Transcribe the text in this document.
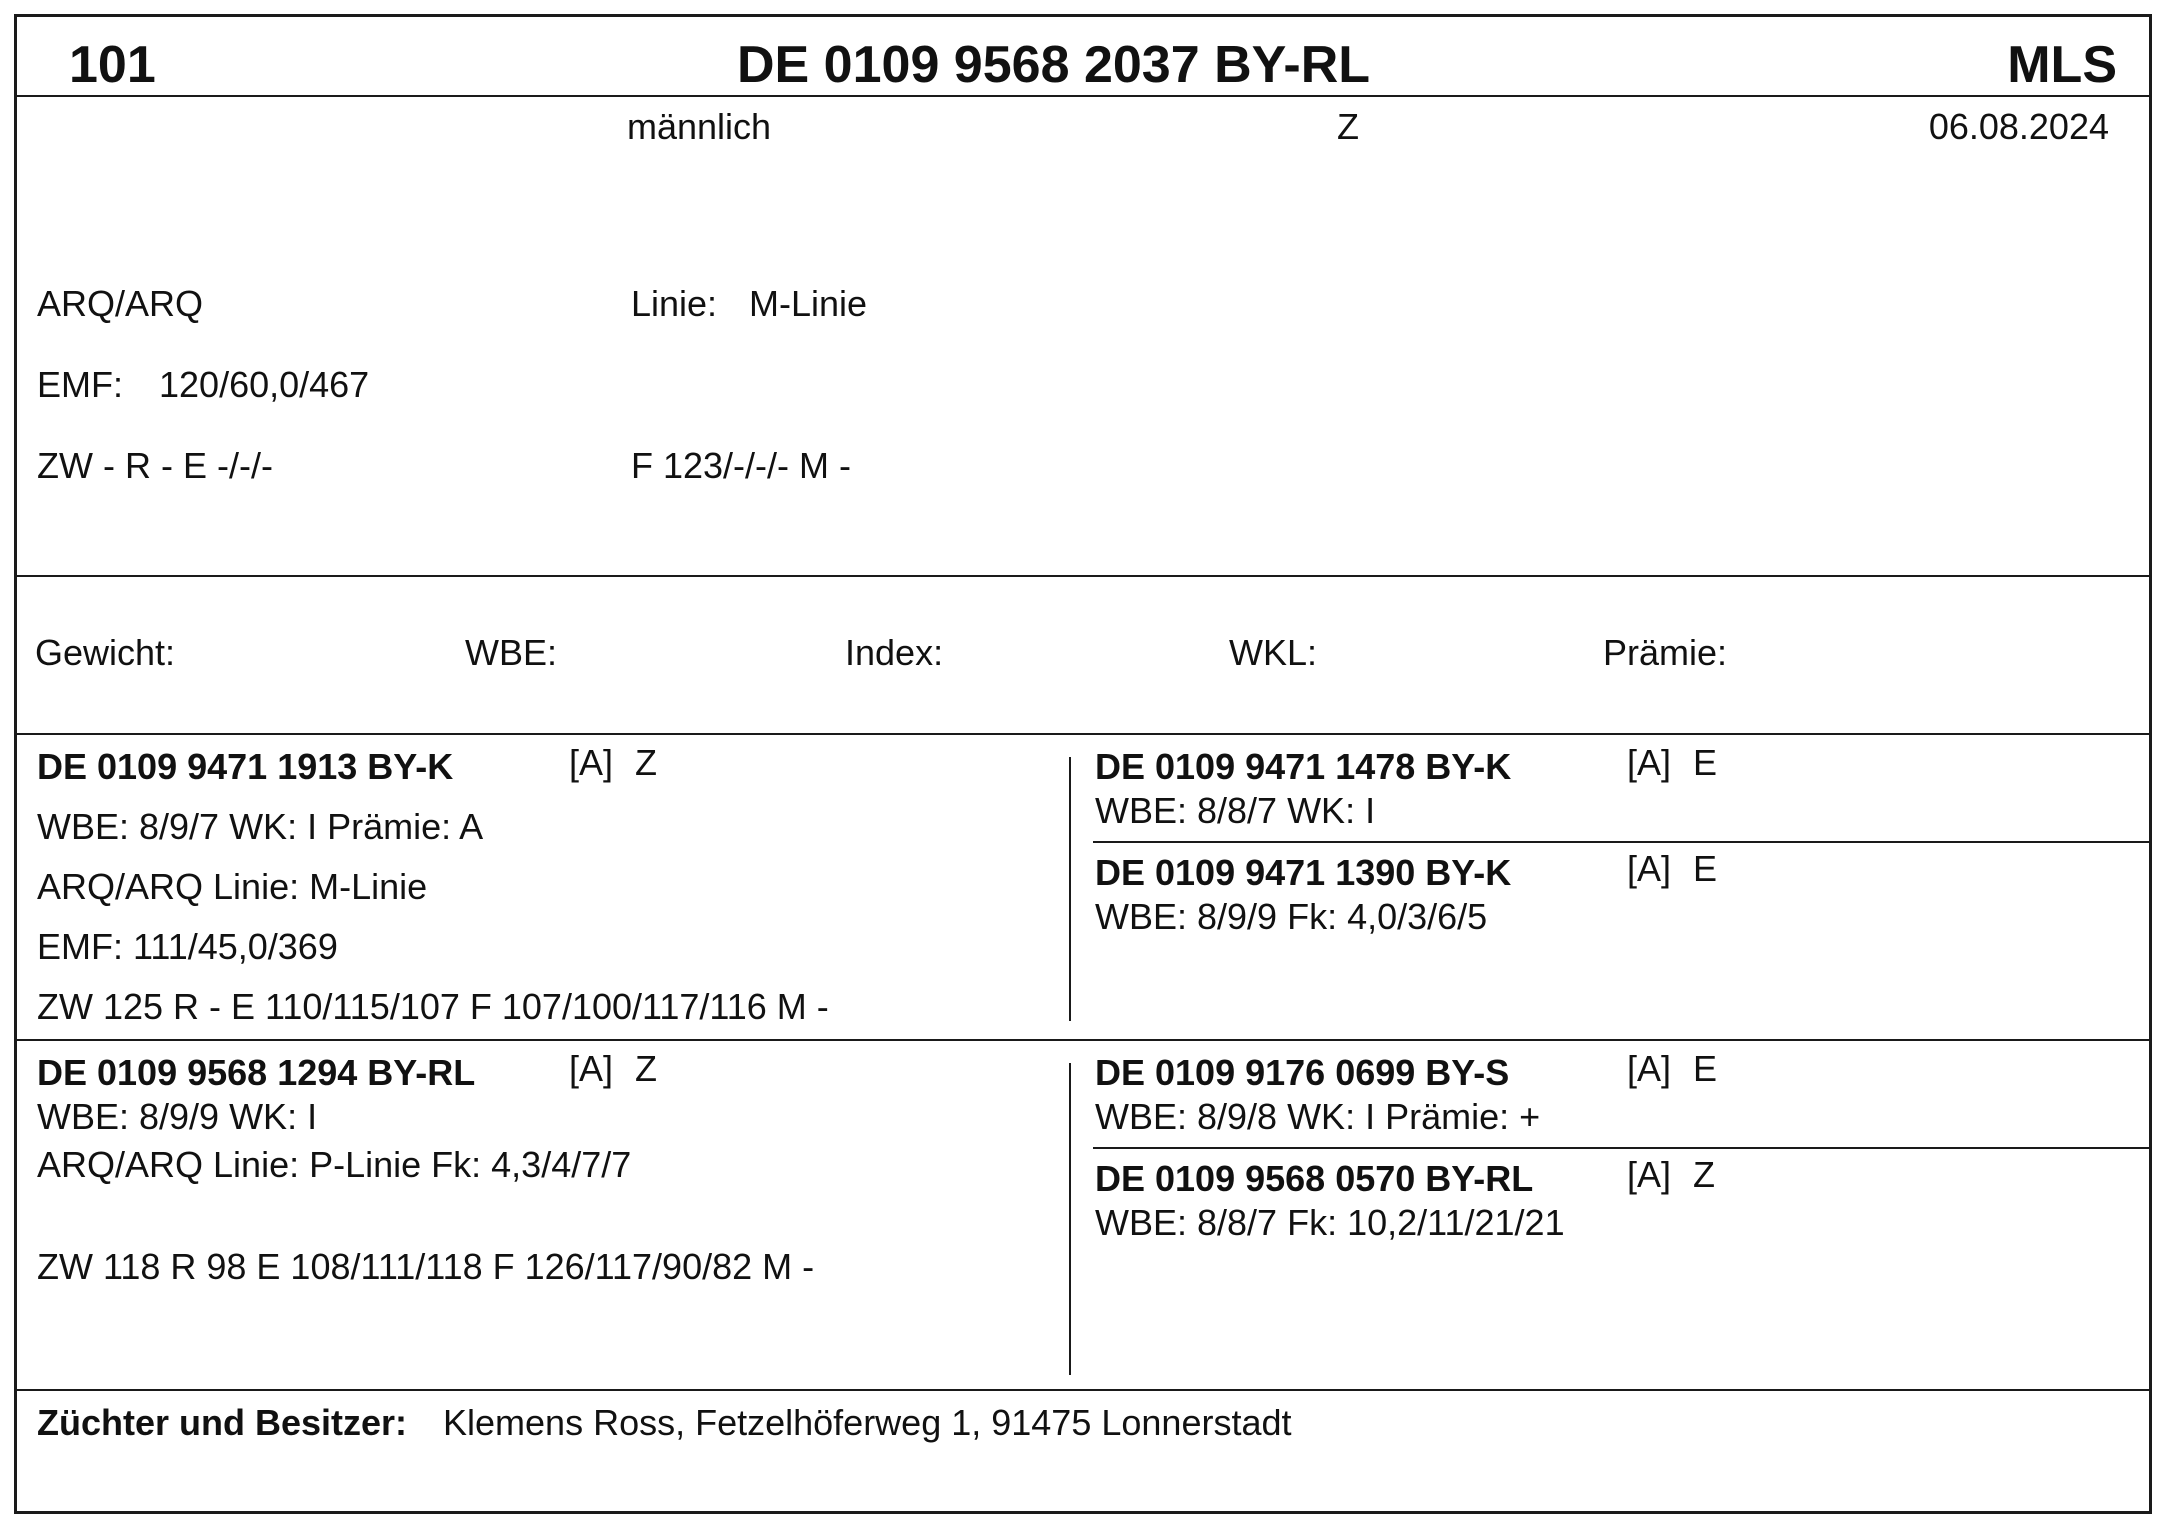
101	DE 0109 9568 2037 BY-RL	MLS
männlich	Z	06.08.2024
ARQ/ARQ	Linie: M-Linie
EMF: 120/60,0/467
ZW - R - E -/-/-	F 123/-/-/- M -
Gewicht:	WBE:	Index:	WKL:	Prämie:
DE 0109 9471 1913 BY-K	[A] Z
WBE: 8/9/7 WK: I Prämie: A
ARQ/ARQ Linie: M-Linie
EMF: 111/45,0/369
ZW 125 R - E 110/115/107 F 107/100/117/116 M -
DE 0109 9471 1478 BY-K	[A] E
WBE: 8/8/7 WK: I
DE 0109 9471 1390 BY-K	[A] E
WBE: 8/9/9 Fk: 4,0/3/6/5
DE 0109 9568 1294 BY-RL	[A] Z
WBE: 8/9/9 WK: I
ARQ/ARQ Linie: P-Linie Fk: 4,3/4/7/7
ZW 118 R 98 E 108/111/118 F 126/117/90/82 M -
DE 0109 9176 0699 BY-S	[A] E
WBE: 8/9/8 WK: I Prämie: +
DE 0109 9568 0570 BY-RL	[A] Z
WBE: 8/8/7 Fk: 10,2/11/21/21
Züchter und Besitzer: Klemens Ross, Fetzelhöferweg 1, 91475 Lonnerstadt
